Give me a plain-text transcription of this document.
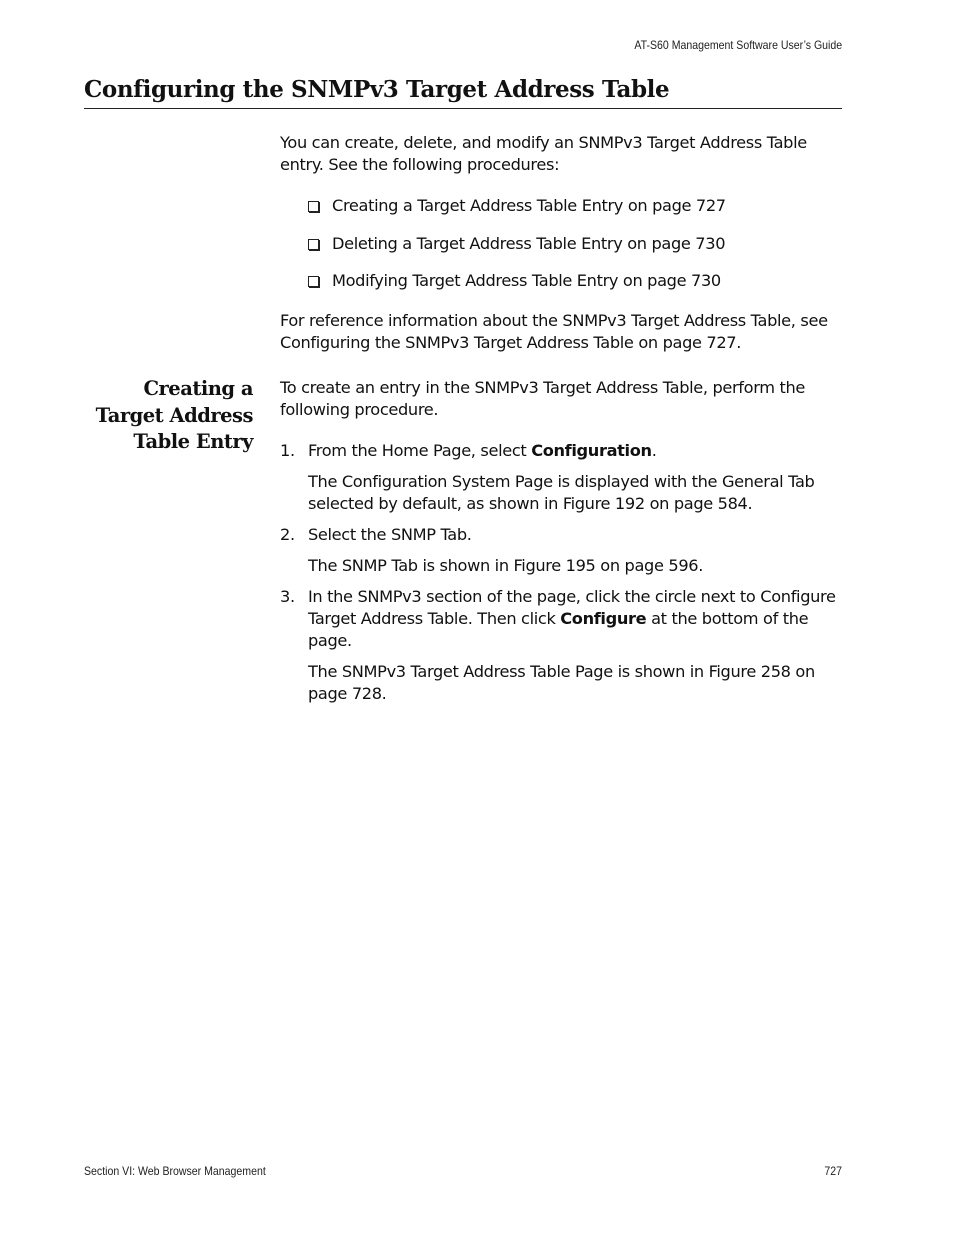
AT-S60 Management Software User’s Guide
Configuring the SNMPv3 Target Address Table

You can create, delete, and modify an SNMPv3 Target Address Table entry. See the following procedures:

Creating a Target Address Table Entry on page 727
Deleting a Target Address Table Entry on page 730
Modifying Target Address Table Entry on page 730

For reference information about the SNMPv3 Target Address Table, see Configuring the SNMPv3 Target Address Table on page 727.

Creating a
Target Address
Table Entry

To create an entry in the SNMPv3 Target Address Table, perform the following procedure.

1. From the Home Page, select Configuration.
The Configuration System Page is displayed with the General Tab selected by default, as shown in Figure 192 on page 584.
2. Select the SNMP Tab.
The SNMP Tab is shown in Figure 195 on page 596.
3. In the SNMPv3 section of the page, click the circle next to Configure Target Address Table. Then click Configure at the bottom of the page.
The SNMPv3 Target Address Table Page is shown in Figure 258 on page 728.
Section VI: Web Browser Management	727
